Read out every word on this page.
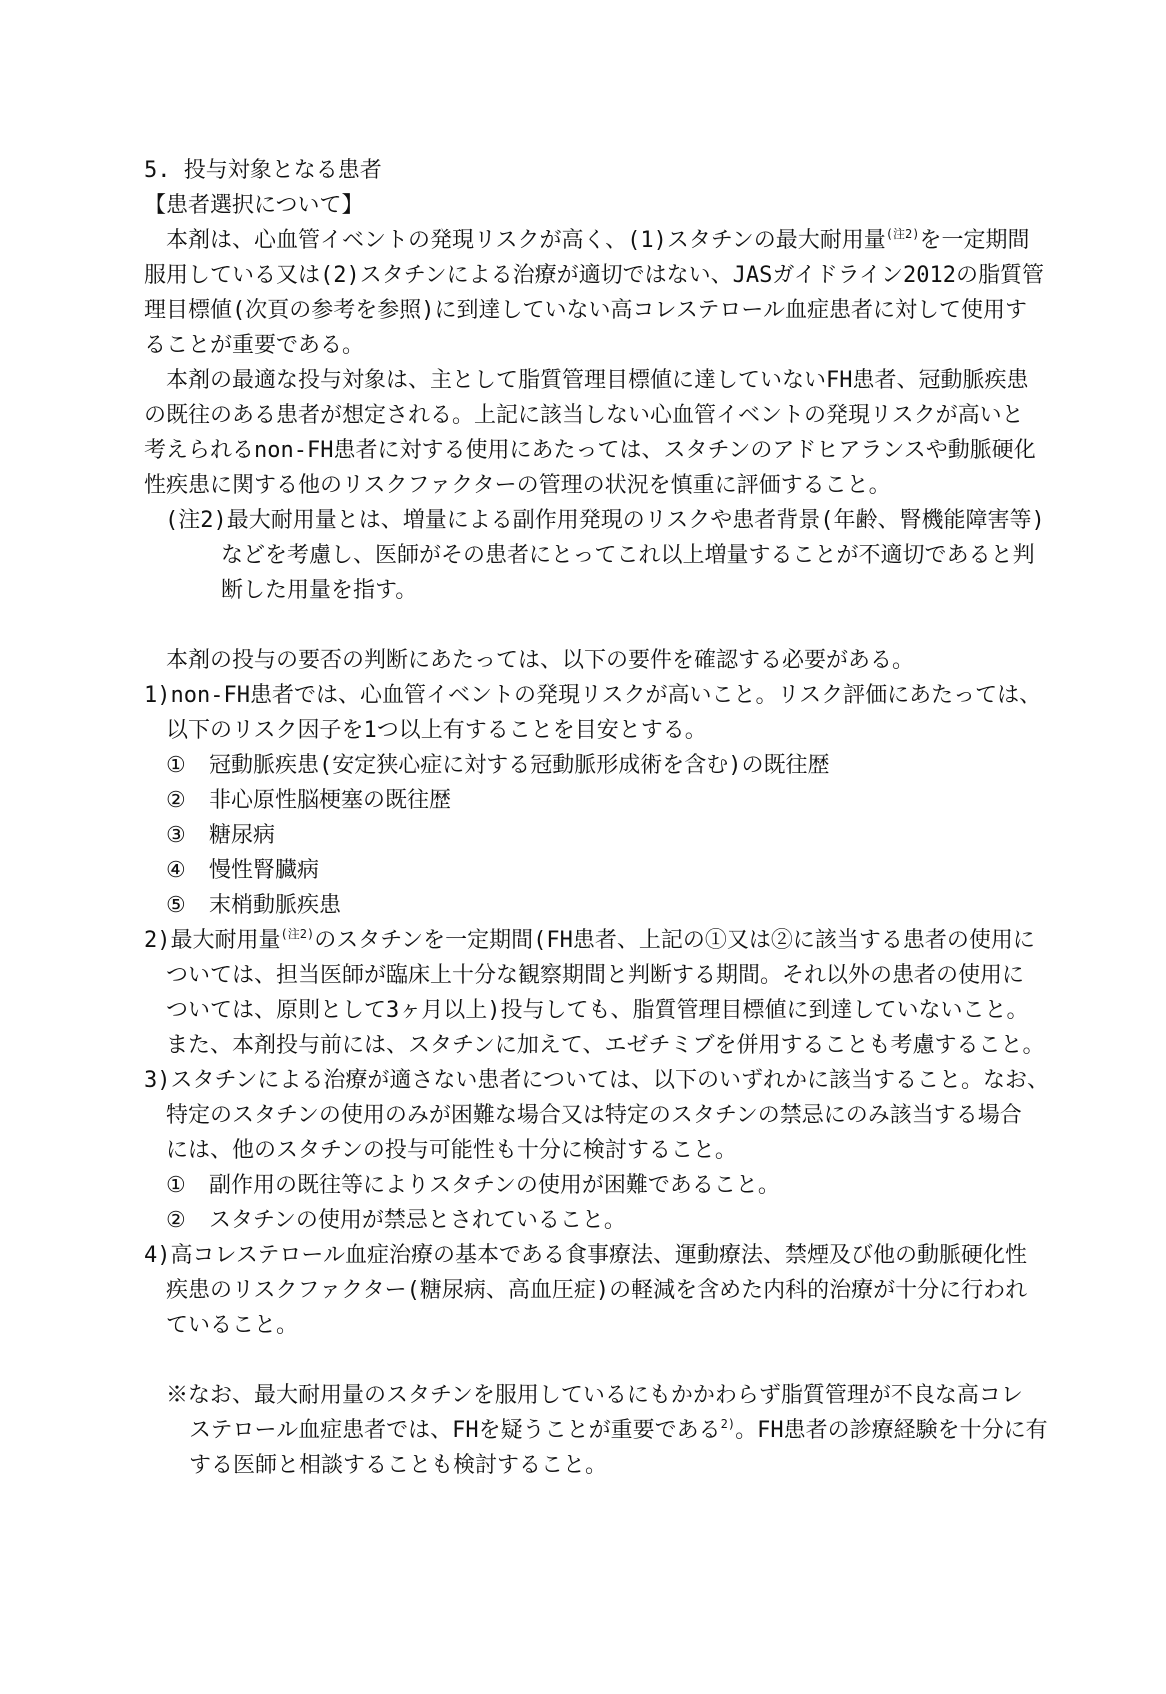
5. 投与対象となる患者
【患者選択について】
本剤は、心血管イベントの発現リスクが高く、(1)スタチンの最大耐用量$^{(注2)}$を一定期間
服用している又は(2)スタチンによる治療が適切ではない、JASガイドライン2012の脂質管
理目標値(次頁の参考を参照)に到達していない高コレステロール血症患者に対して使用す
ることが重要である。
本剤の最適な投与対象は、主として脂質管理目標値に達していないFH患者、冠動脈疾患
の既往のある患者が想定される。上記に該当しない心血管イベントの発現リスクが高いと
考えられるnon-FH患者に対する使用にあたっては、スタチンのアドヒアランスや動脈硬化
性疾患に関する他のリスクファクターの管理の状況を慎重に評価すること。
(注2)最大耐用量とは、増量による副作用発現のリスクや患者背景(年齢、腎機能障害等)
などを考慮し、医師がその患者にとってこれ以上増量することが不適切であると判
断した用量を指す。
本剤の投与の要否の判断にあたっては、以下の要件を確認する必要がある。
1)non-FH患者では、心血管イベントの発現リスクが高いこと。リスク評価にあたっては、
以下のリスク因子を1つ以上有することを目安とする。
① 冠動脈疾患(安定狭心症に対する冠動脈形成術を含む)の既往歴
② 非心原性脳梗塞の既往歴
③ 糖尿病
④ 慢性腎臓病
⑤ 末梢動脈疾患
2)最大耐用量$^{(注2)}$のスタチンを一定期間(FH患者、上記の①又は②に該当する患者の使用に
ついては、担当医師が臨床上十分な観察期間と判断する期間。それ以外の患者の使用に
ついては、原則として3ヶ月以上)投与しても、脂質管理目標値に到達していないこと。
また、本剤投与前には、スタチンに加えて、エゼチミブを併用することも考慮すること。
3)スタチンによる治療が適さない患者については、以下のいずれかに該当すること。なお、
特定のスタチンの使用のみが困難な場合又は特定のスタチンの禁忌にのみ該当する場合
には、他のスタチンの投与可能性も十分に検討すること。
① 副作用の既往等によりスタチンの使用が困難であること。
② スタチンの使用が禁忌とされていること。
4)高コレステロール血症治療の基本である食事療法、運動療法、禁煙及び他の動脈硬化性
疾患のリスクファクター(糖尿病、高血圧症)の軽減を含めた内科的治療が十分に行われ
ていること。
※なお、最大耐用量のスタチンを服用しているにもかかわらず脂質管理が不良な高コレ
ステロール血症患者では、FHを疑うことが重要である$^{2)}$。FH患者の診療経験を十分に有
する医師と相談することも検討すること。
